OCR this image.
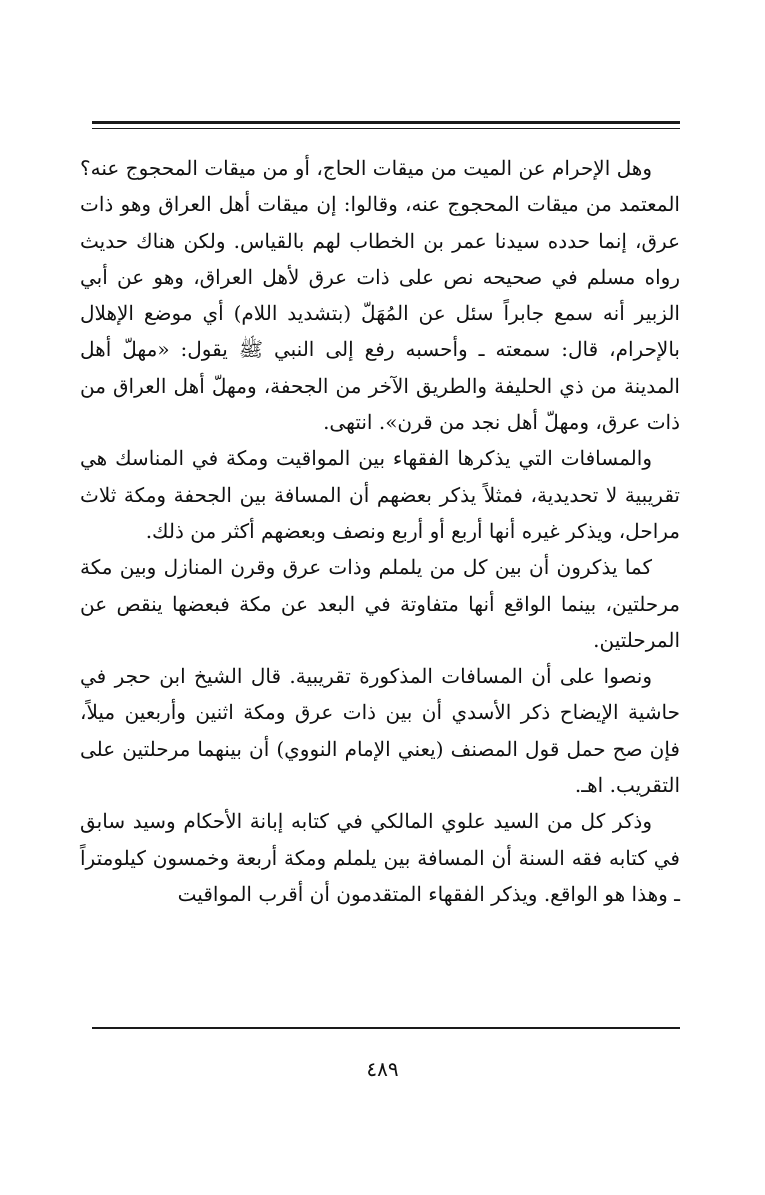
وهل الإحرام عن الميت من ميقات الحاج، أو من ميقات المحجوج عنه؟ المعتمد من ميقات المحجوج عنه، وقالوا: إن ميقات أهل العراق وهو ذات عرق، إنما حدده سيدنا عمر بن الخطاب لهم بالقياس. ولكن هناك حديث رواه مسلم في صحيحه نص على ذات عرق لأهل العراق، وهو عن أبي الزبير أنه سمع جابراً سئل عن المُهَلّ (بتشديد اللام) أي موضع الإهلال بالإحرام، قال: سمعته ـ وأحسبه رفع إلى النبي ﷺ يقول: «مهلّ أهل المدينة من ذي الحليفة والطريق الآخر من الجحفة، ومهلّ أهل العراق من ذات عرق، ومهلّ أهل نجد من قرن». انتهى.

والمسافات التي يذكرها الفقهاء بين المواقيت ومكة في المناسك هي تقريبية لا تحديدية، فمثلاً يذكر بعضهم أن المسافة بين الجحفة ومكة ثلاث مراحل، ويذكر غيره أنها أربع أو أربع ونصف وبعضهم أكثر من ذلك.

كما يذكرون أن بين كل من يلملم وذات عرق وقرن المنازل وبين مكة مرحلتين، بينما الواقع أنها متفاوتة في البعد عن مكة فبعضها ينقص عن المرحلتين.

ونصوا على أن المسافات المذكورة تقريبية. قال الشيخ ابن حجر في حاشية الإيضاح ذكر الأسدي أن بين ذات عرق ومكة اثنين وأربعين ميلاً، فإن صح حمل قول المصنف (يعني الإمام النووي) أن بينهما مرحلتين على التقريب. اهـ.

وذكر كل من السيد علوي المالكي في كتابه إبانة الأحكام وسيد سابق في كتابه فقه السنة أن المسافة بين يلملم ومكة أربعة وخمسون كيلومتراً ـ وهذا هو الواقع. ويذكر الفقهاء المتقدمون أن أقرب المواقيت

٤٨٩
